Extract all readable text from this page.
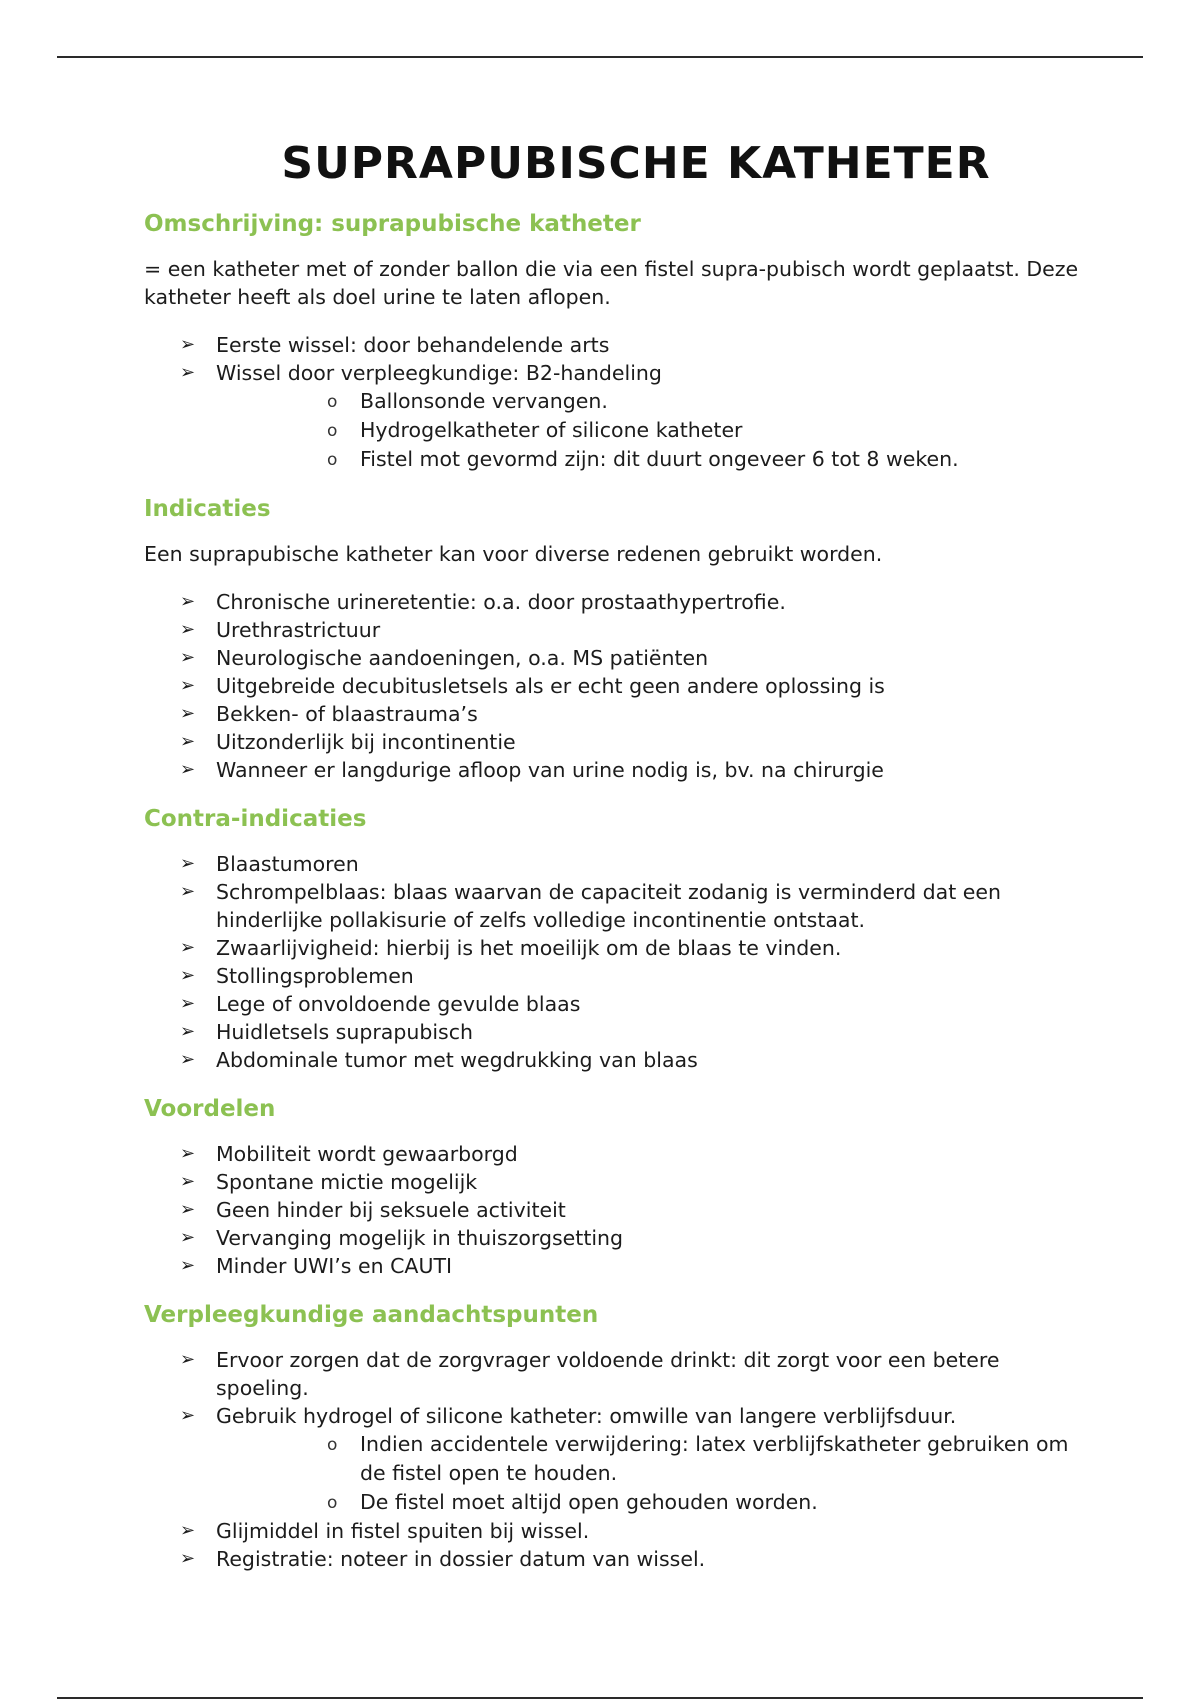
SUPRAPUBISCHE KATHETER
Omschrijving: suprapubische katheter

= een katheter met of zonder ballon die via een fistel supra-pubisch wordt geplaatst. Deze katheter heeft als doel urine te laten aflopen.

➢ Eerste wissel: door behandelende arts
➢ Wissel door verpleegkundige: B2-handeling
o Ballonsonde vervangen.
o Hydrogelkatheter of silicone katheter
o Fistel mot gevormd zijn: dit duurt ongeveer 6 tot 8 weken.
Indicaties

Een suprapubische katheter kan voor diverse redenen gebruikt worden.

➢ Chronische urineretentie: o.a. door prostaathypertrofie.
➢ Urethrastrictuur
➢ Neurologische aandoeningen, o.a. MS patiënten
➢ Uitgebreide decubitusletsels als er echt geen andere oplossing is
➢ Bekken- of blaastrauma’s
➢ Uitzonderlijk bij incontinentie
➢ Wanneer er langdurige afloop van urine nodig is, bv. na chirurgie
Contra-indicaties
➢ Blaastumoren
➢ Schrompelblaas: blaas waarvan de capaciteit zodanig is verminderd dat een hinderlijke pollakisurie of zelfs volledige incontinentie ontstaat.
➢ Zwaarlijvigheid: hierbij is het moeilijk om de blaas te vinden.
➢ Stollingsproblemen
➢ Lege of onvoldoende gevulde blaas
➢ Huidletsels suprapubisch
➢ Abdominale tumor met wegdrukking van blaas
Voordelen
➢ Mobiliteit wordt gewaarborgd
➢ Spontane mictie mogelijk
➢ Geen hinder bij seksuele activiteit
➢ Vervanging mogelijk in thuiszorgsetting
➢ Minder UWI’s en CAUTI
Verpleegkundige aandachtspunten
➢ Ervoor zorgen dat de zorgvrager voldoende drinkt: dit zorgt voor een betere spoeling.
➢ Gebruik hydrogel of silicone katheter: omwille van langere verblijfsduur.
o Indien accidentele verwijdering: latex verblijfskatheter gebruiken om de fistel open te houden.
o De fistel moet altijd open gehouden worden.
➢ Glijmiddel in fistel spuiten bij wissel.
➢ Registratie: noteer in dossier datum van wissel.
